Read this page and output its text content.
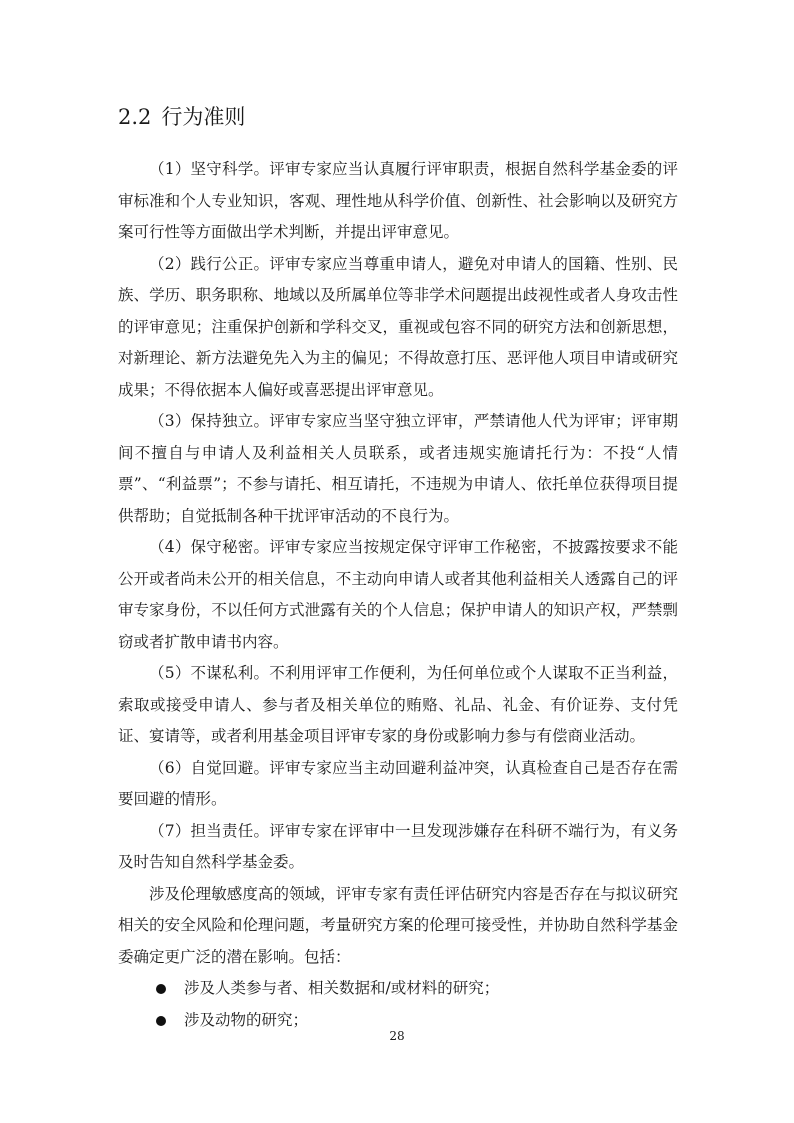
2.2 行为准则

（1）坚守科学。评审专家应当认真履行评审职责，根据自然科学基金委的评审标准和个人专业知识，客观、理性地从科学价值、创新性、社会影响以及研究方案可行性等方面做出学术判断，并提出评审意见。

（2）践行公正。评审专家应当尊重申请人，避免对申请人的国籍、性别、民族、学历、职务职称、地域以及所属单位等非学术问题提出歧视性或者人身攻击性的评审意见；注重保护创新和学科交叉，重视或包容不同的研究方法和创新思想，对新理论、新方法避免先入为主的偏见；不得故意打压、恶评他人项目申请或研究成果；不得依据本人偏好或喜恶提出评审意见。

（3）保持独立。评审专家应当坚守独立评审，严禁请他人代为评审；评审期间不擅自与申请人及利益相关人员联系，或者违规实施请托行为：不投“人情票”、“利益票”；不参与请托、相互请托，不违规为申请人、依托单位获得项目提供帮助；自觉抵制各种干扰评审活动的不良行为。

（4）保守秘密。评审专家应当按规定保守评审工作秘密，不披露按要求不能公开或者尚未公开的相关信息，不主动向申请人或者其他利益相关人透露自己的评审专家身份，不以任何方式泄露有关的个人信息；保护申请人的知识产权，严禁剽窃或者扩散申请书内容。

（5）不谋私利。不利用评审工作便利，为任何单位或个人谋取不正当利益，索取或接受申请人、参与者及相关单位的贿赂、礼品、礼金、有价证券、支付凭证、宴请等，或者利用基金项目评审专家的身份或影响力参与有偿商业活动。

（6）自觉回避。评审专家应当主动回避利益冲突，认真检查自己是否存在需要回避的情形。

（7）担当责任。评审专家在评审中一旦发现涉嫌存在科研不端行为，有义务及时告知自然科学基金委。

涉及伦理敏感度高的领域，评审专家有责任评估研究内容是否存在与拟议研究相关的安全风险和伦理问题，考量研究方案的伦理可接受性，并协助自然科学基金委确定更广泛的潜在影响。包括：

涉及人类参与者、相关数据和/或材料的研究；
涉及动物的研究；
28
